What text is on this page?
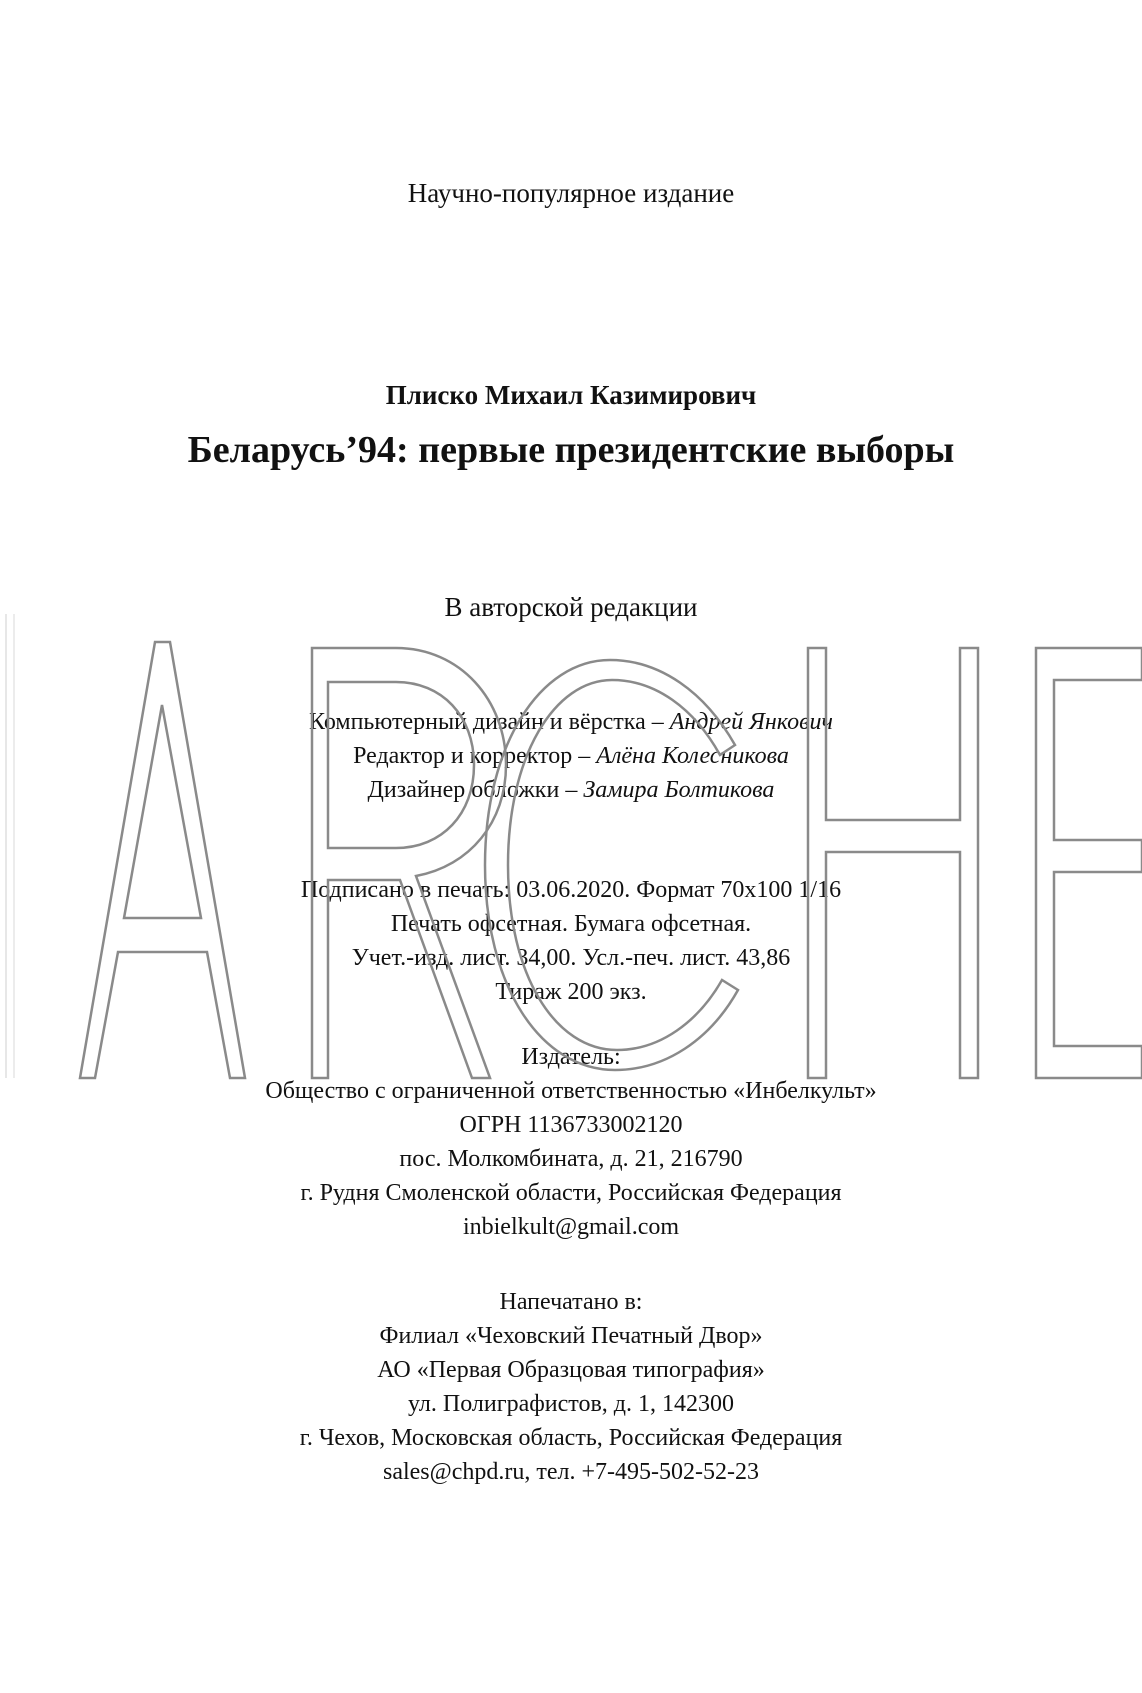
Научно-популярное издание
Плиско Михаил Казимирович
Беларусь’94: первые президентские выборы
В авторской редакции
Компьютерный дизайн и вёрстка – Андрей Янкович
Редактор и корректор – Алёна Колесникова
Дизайнер обложки – Замира Болтикова
Подписано в печать: 03.06.2020. Формат 70х100 1/16
Печать офсетная. Бумага офсетная.
Учет.-изд. лист. 34,00. Усл.-печ. лист. 43,86
Тираж 200 экз.
Издатель:
Общество с ограниченной ответственностью «Инбелкульт»
ОГРН 1136733002120
пос. Молкомбината, д. 21, 216790
г. Рудня Смоленской области, Российская Федерация
inbielkult@gmail.com
Напечатано в:
Филиал «Чеховский Печатный Двор»
АО «Первая Образцовая типография»
ул. Полиграфистов, д. 1, 142300
г. Чехов, Московская область, Российская Федерация
sales@chpd.ru, тел. +7-495-502-52-23
